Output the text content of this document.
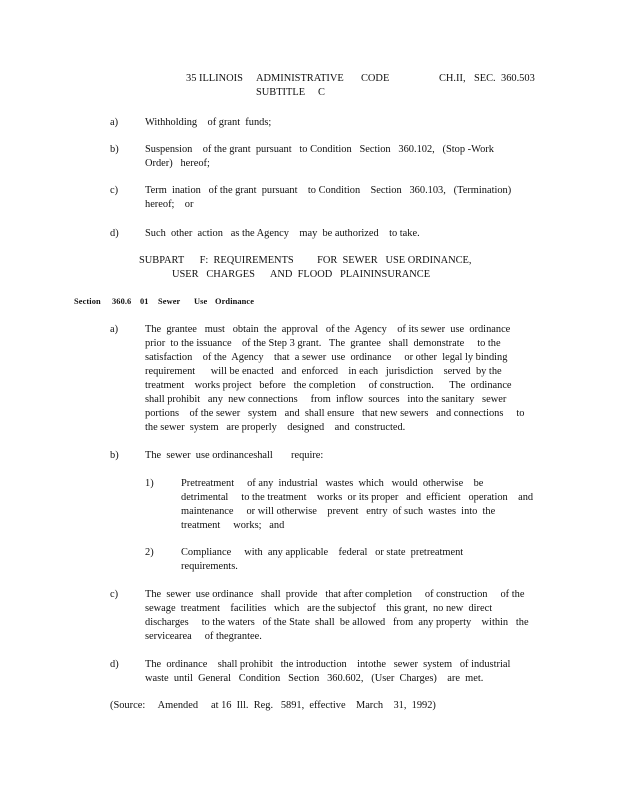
35 ILLINOIS ADMINISTRATIVE CODE	CH.II, SEC. 360.503
SUBTITLE     C
a)	Withholding    of grant  funds;
b)	Suspension    of the grant  pursuant   to Condition   Section   360.102,   (Stop -Work
Order)   hereof;
c)	Term  ination   of the grant  pursuant    to Condition    Section   360.103,   (Termination)
hereof;    or
d)	Such  other  action   as the Agency    may  be authorized    to take.
SUBPART      F:  REQUIREMENTS         FOR  SEWER   USE ORDINANCE,
USER   CHARGES      AND  FLOOD   PLAININSURANCE
Section 360.6 01 Sewer Use Ordinance
a)	The  grantee   must   obtain  the  approval   of the  Agency    of its sewer  use  ordinance
prior  to the issuance    of the Step 3 grant.   The  grantee   shall  demonstrate     to the
satisfaction    of the  Agency    that  a sewer  use  ordinance     or other  legal ly binding
requirement      will be enacted   and  enforced    in each   jurisdiction    served  by the
treatment    works project   before   the completion     of construction.      The  ordinance
shall prohibit   any  new connections     from  inflow  sources   into the sanitary   sewer
portions    of the sewer   system   and  shall ensure   that new sewers   and connections     to
the sewer  system   are properly    designed    and  constructed.
b)	The  sewer  use ordinanceshall       require:
1)	Pretreatment     of any  industrial   wastes  which   would  otherwise    be
detrimental     to the treatment    works  or its proper   and  efficient   operation    and
maintenance     or will otherwise    prevent   entry  of such  wastes  into  the
treatment     works;   and
2)	Compliance     with  any applicable    federal   or state  pretreatment
requirements.
c)	The  sewer  use ordinance   shall  provide   that after completion     of construction     of the
sewage  treatment    facilities   which   are the subjectof    this grant,  no new  direct
discharges     to the waters   of the State  shall  be allowed   from  any property    within   the
servicearea     of thegrantee.
d)	The  ordinance    shall prohibit   the introduction    intothe   sewer  system   of industrial
waste  until  General   Condition   Section   360.602,   (User  Charges)    are  met.
(Source:     Amended     at 16  Ill.  Reg.   5891,  effective    March    31,  1992)
